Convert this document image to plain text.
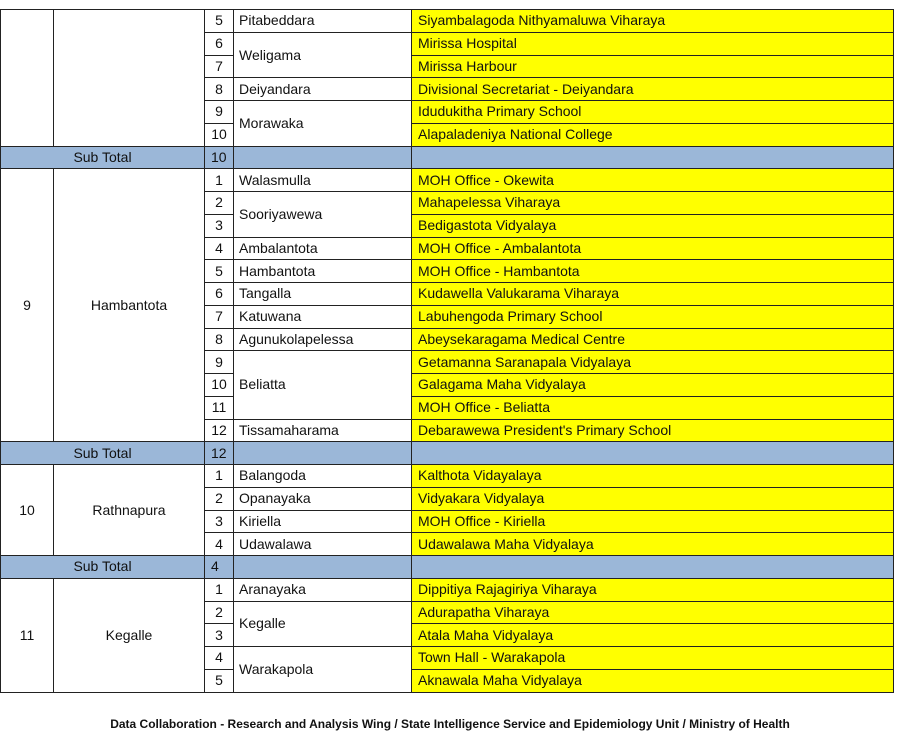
		5	Pitabeddara	Siyambalagoda Nithyamaluwa Viharaya
		6	Weligama	Mirissa Hospital
		7		Mirissa Harbour
		8	Deiyandara	Divisional Secretariat - Deiyandara
		9	Morawaka	Idudukitha Primary School
		10		Alapaladeniya National College
Sub Total		10		
9	Hambantota	1	Walasmulla	MOH Office - Okewita
		2	Sooriyawewa	Mahapelessa Viharaya
		3		Bedigastota Vidyalaya
		4	Ambalantota	MOH Office - Ambalantota
		5	Hambantota	MOH Office - Hambantota
		6	Tangalla	Kudawella Valukarama Viharaya
		7	Katuwana	Labuhengoda Primary School
		8	Agunukolapelessa	Abeysekaragama Medical Centre
		9	Beliatta	Getamanna Saranapala Vidyalaya
		10		Galagama Maha Vidyalaya
		11		MOH Office - Beliatta
		12	Tissamaharama	Debarawewa President's Primary School
Sub Total		12		
10	Rathnapura	1	Balangoda	Kalthota Vidayalaya
		2	Opanayaka	Vidyakara Vidyalaya
		3	Kiriella	MOH Office - Kiriella
		4	Udawalawa	Udawalawa Maha Vidyalaya
Sub Total		4		
11	Kegalle	1	Aranayaka	Dippitiya Rajagiriya Viharaya
		2	Kegalle	Adurapatha Viharaya
		3		Atala Maha Vidyalaya
		4	Warakapola	Town Hall - Warakapola
		5		Aknawala Maha Vidyalaya
Data Collaboration - Research and Analysis Wing / State Intelligence Service and Epidemiology Unit / Ministry of Health
